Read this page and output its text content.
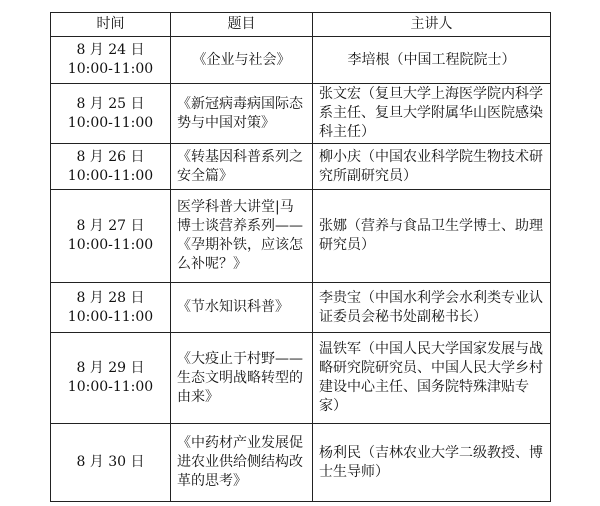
时间	题目	主讲人

8 月 24 日
10:00-11:00	《企业与社会》	李培根（中国工程院院士）

8 月 25 日
10:00-11:00	《新冠病毒病国际态势与中国对策》	张文宏（复旦大学上海医学院内科学系主任、复旦大学附属华山医院感染科主任）

8 月 26 日
10:00-11:00	《转基因科普系列之安全篇》	柳小庆（中国农业科学院生物技术研究所副研究员）

8 月 27 日
10:00-11:00	医学科普大讲堂|马博士谈营养系列——《孕期补铁，应该怎么补呢？》	张娜（营养与食品卫生学博士、助理研究员）

8 月 28 日
10:00-11:00	《节水知识科普》	李贵宝（中国水利学会水利类专业认证委员会秘书处副秘书长）

8 月 29 日
10:00-11:00	《大疫止于村野——生态文明战略转型的由来》	温铁军（中国人民大学国家发展与战略研究院研究员、中国人民大学乡村建设中心主任、国务院特殊津贴专家）

8 月 30 日	《中药材产业发展促进农业供给侧结构改革的思考》	杨利民（吉林农业大学二级教授、博士生导师）
